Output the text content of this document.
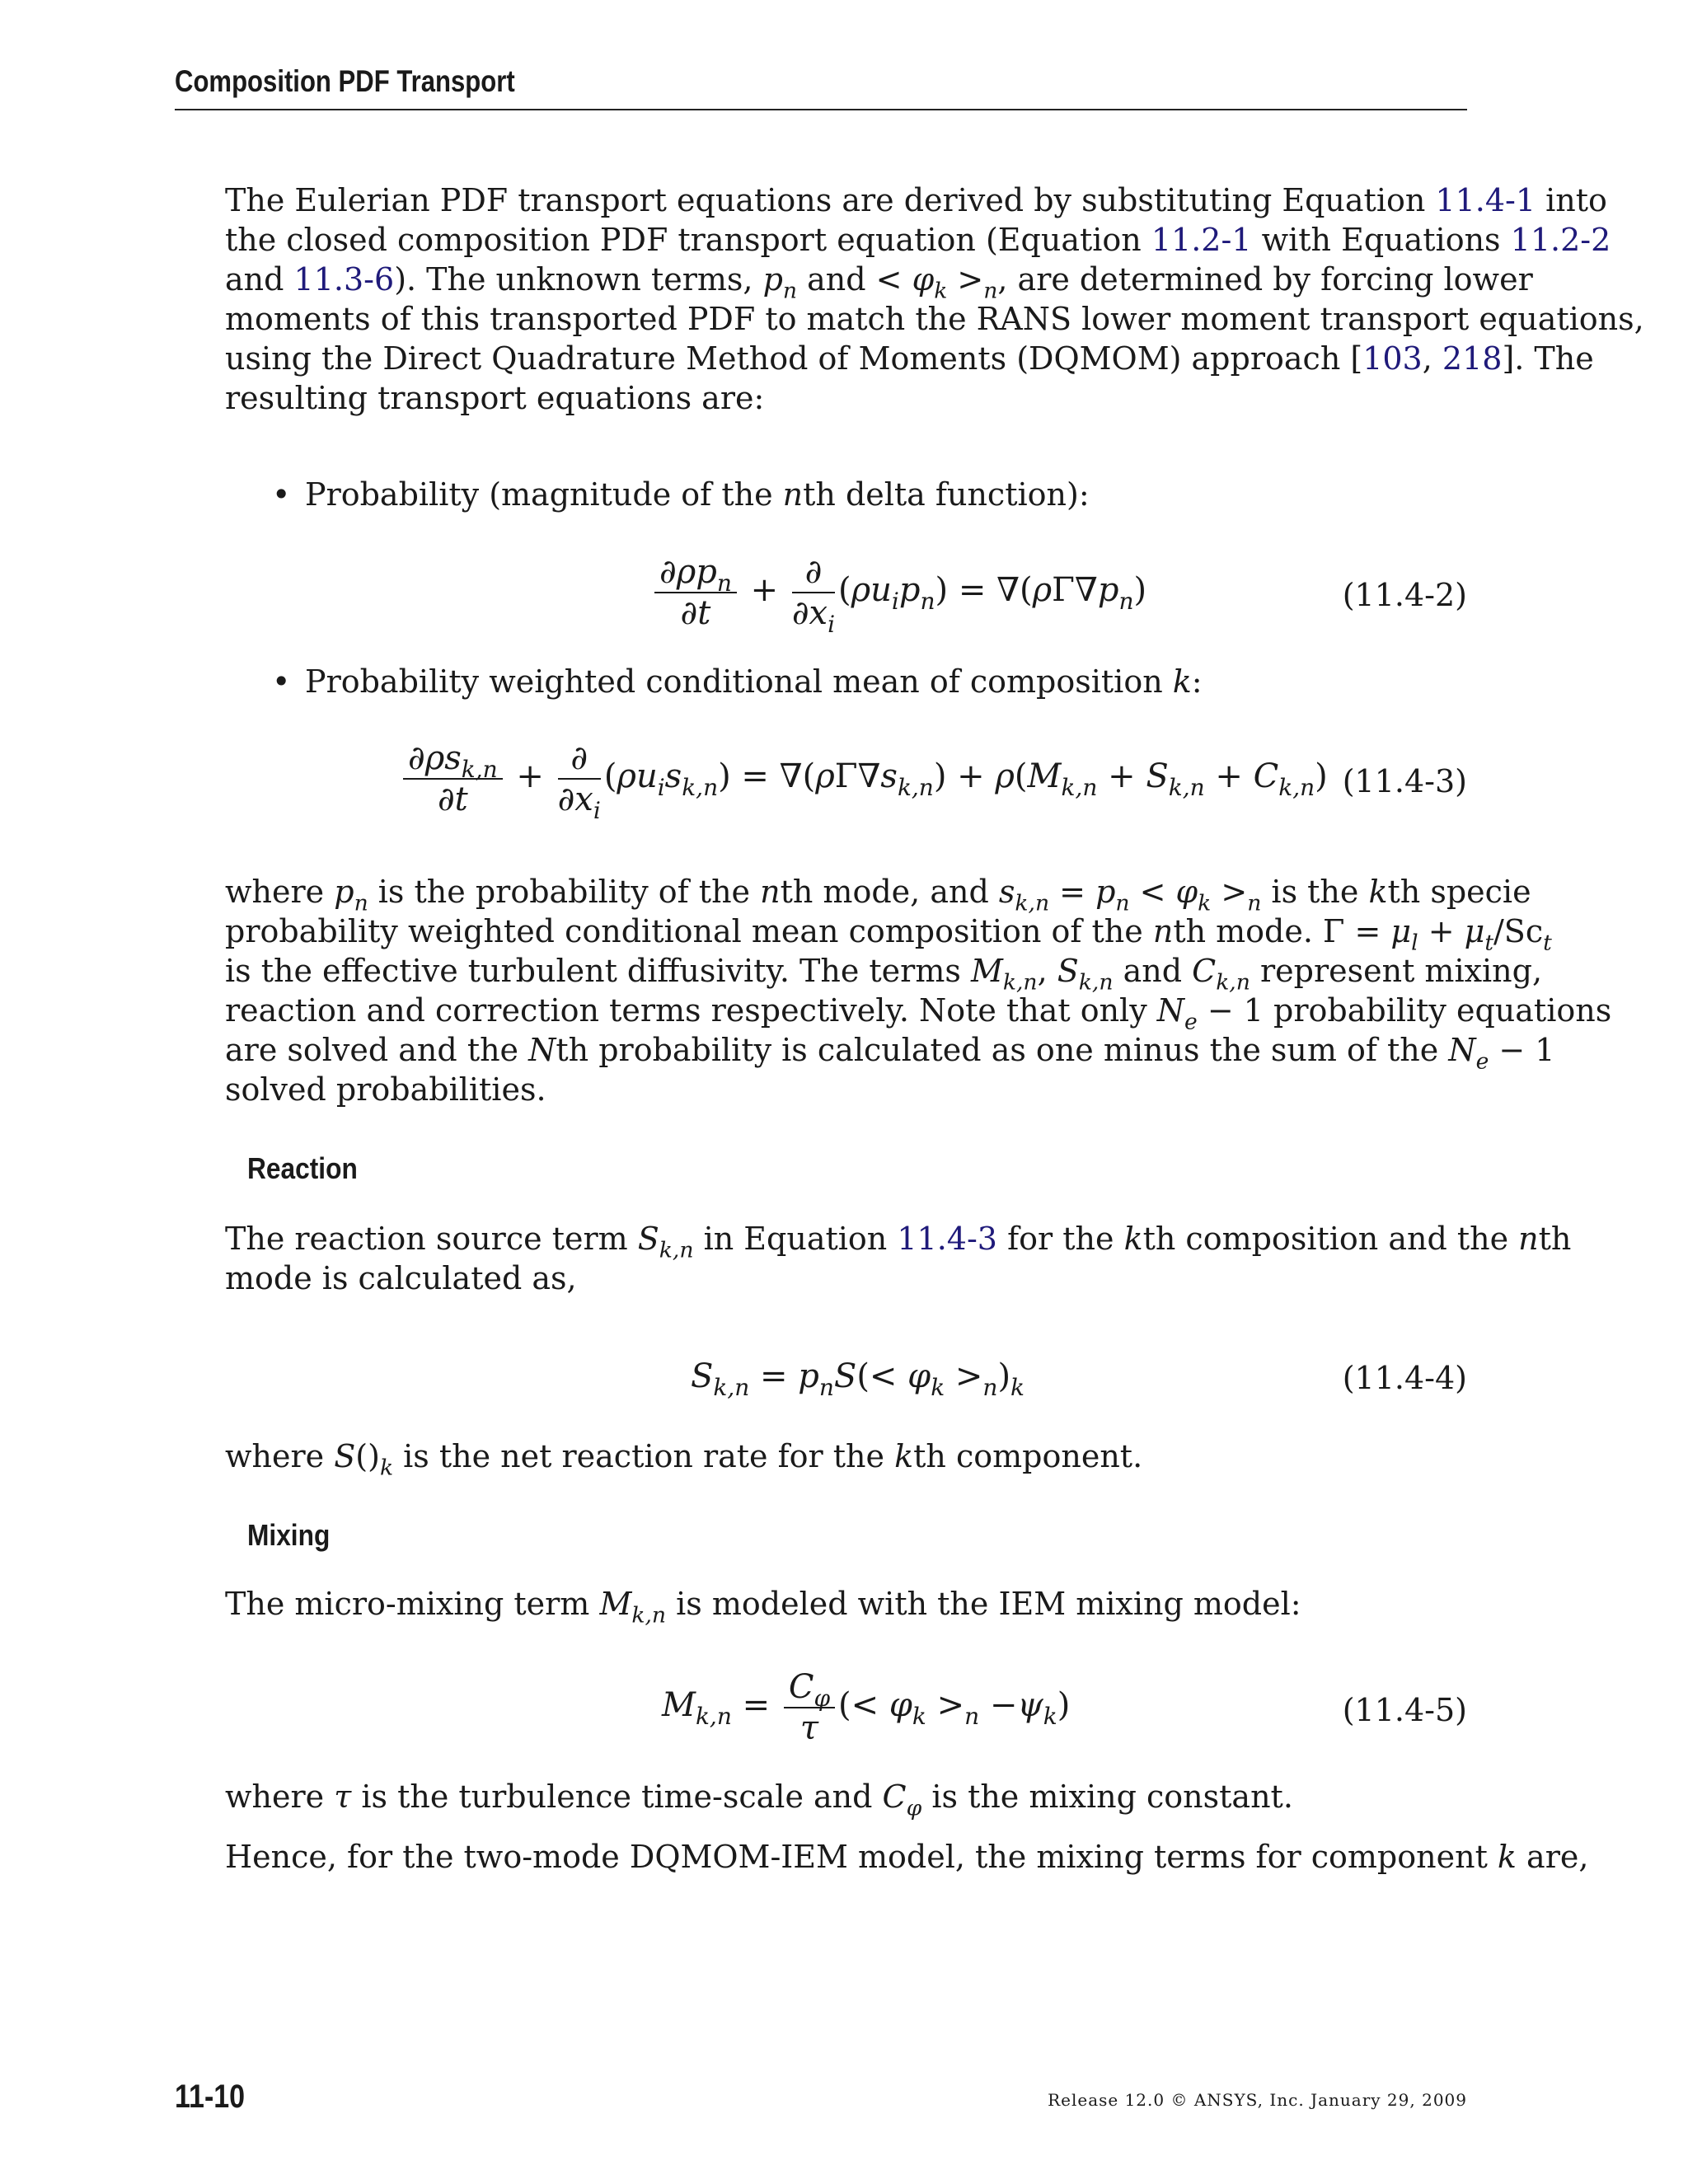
Composition PDF Transport
The Eulerian PDF transport equations are derived by substituting Equation 11.4-1 into
the closed composition PDF transport equation (Equation 11.2-1 with Equations 11.2-2
and 11.3-6). The unknown terms, $p_n$ and < $\varphi_k >_n$, are determined by forcing lower
moments of this transported PDF to match the RANS lower moment transport equations,
using the Direct Quadrature Method of Moments (DQMOM) approach [103, 218]. The
resulting transport equations are:
• Probability (magnitude of the nth delta function):
$\frac{\partial\rho p_n}{\partial t} + \frac{\partial}{\partial x_i} (\rho u_ip_n) = \nabla(\rho\Gamma\nabla p_n)$	(11.4-2)
• Probability weighted conditional mean of composition k:
$\frac{\partial\rho s_{k,n}}{\partial t} + \frac{\partial}{\partial x_i} (\rho u_is_{k,n}) = \nabla(\rho\Gamma\nabla s_{k,n}) + \rho(M_{k,n} + S_{k,n} + C_{k,n})$ (11.4-3)
where $p_n$ is the probability of the nth mode, and $s_{k,n} = p_n < \varphi_k >_n$ is the kth specie
probability weighted conditional mean composition of the nth mode. $\Gamma = \mu_l + \mu_t/Sc_t$
is the effective turbulent diffusivity. The terms $M_{k,n}$, $S_{k,n}$ and $C_{k,n}$ represent mixing,
reaction and correction terms respectively. Note that only $N_e - 1$ probability equations
are solved and the Nth probability is calculated as one minus the sum of the $N_e - 1$
solved probabilities.
Reaction
The reaction source term $S_{k,n}$ in Equation 11.4-3 for the kth composition and the nth
mode is calculated as,
$S_{k,n} = p_nS(< \varphi_k >_n)_k$	(11.4-4)
where $S()_k$ is the net reaction rate for the kth component.
Mixing
The micro-mixing term $M_{k,n}$ is modeled with the IEM mixing model:
$M_{k,n} = \frac{C_\varphi}{\tau}$ (< $\varphi_k >_n -\psi_k$)	(11.4-5)
where τ is the turbulence time-scale and $C_\varphi$ is the mixing constant.
Hence, for the two-mode DQMOM-IEM model, the mixing terms for component k are,
11-10	Release 12.0 © ANSYS, Inc. January 29, 2009
